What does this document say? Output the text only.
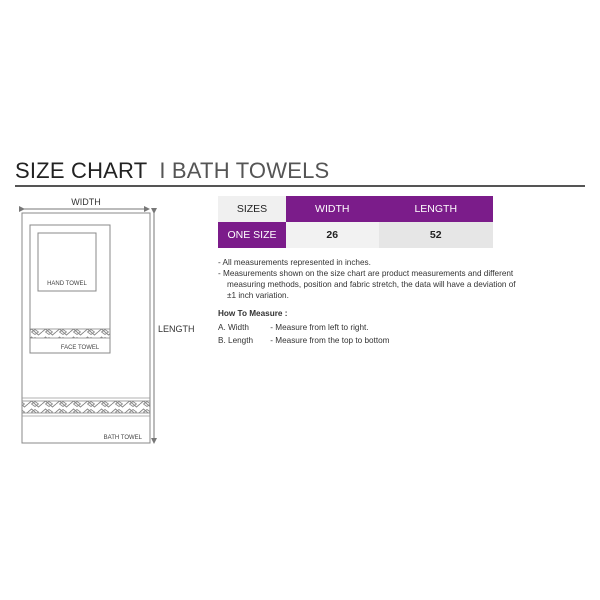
SIZE CHART I BATH TOWELS
WIDTH
LENGTH
BATH TOWEL
FACE TOWEL
HAND TOWEL
SIZES	WIDTH	LENGTH
ONE SIZE	26	52
- All measurements represented in inches.
- Measurements shown on the size chart are product measurements and different
measuring methods, position and fabric stretch, the data will have a deviation of
±1 inch variation.
How To Measure :
A. Width	- Measure from left to right.
B. Length - Measure from the top to bottom
